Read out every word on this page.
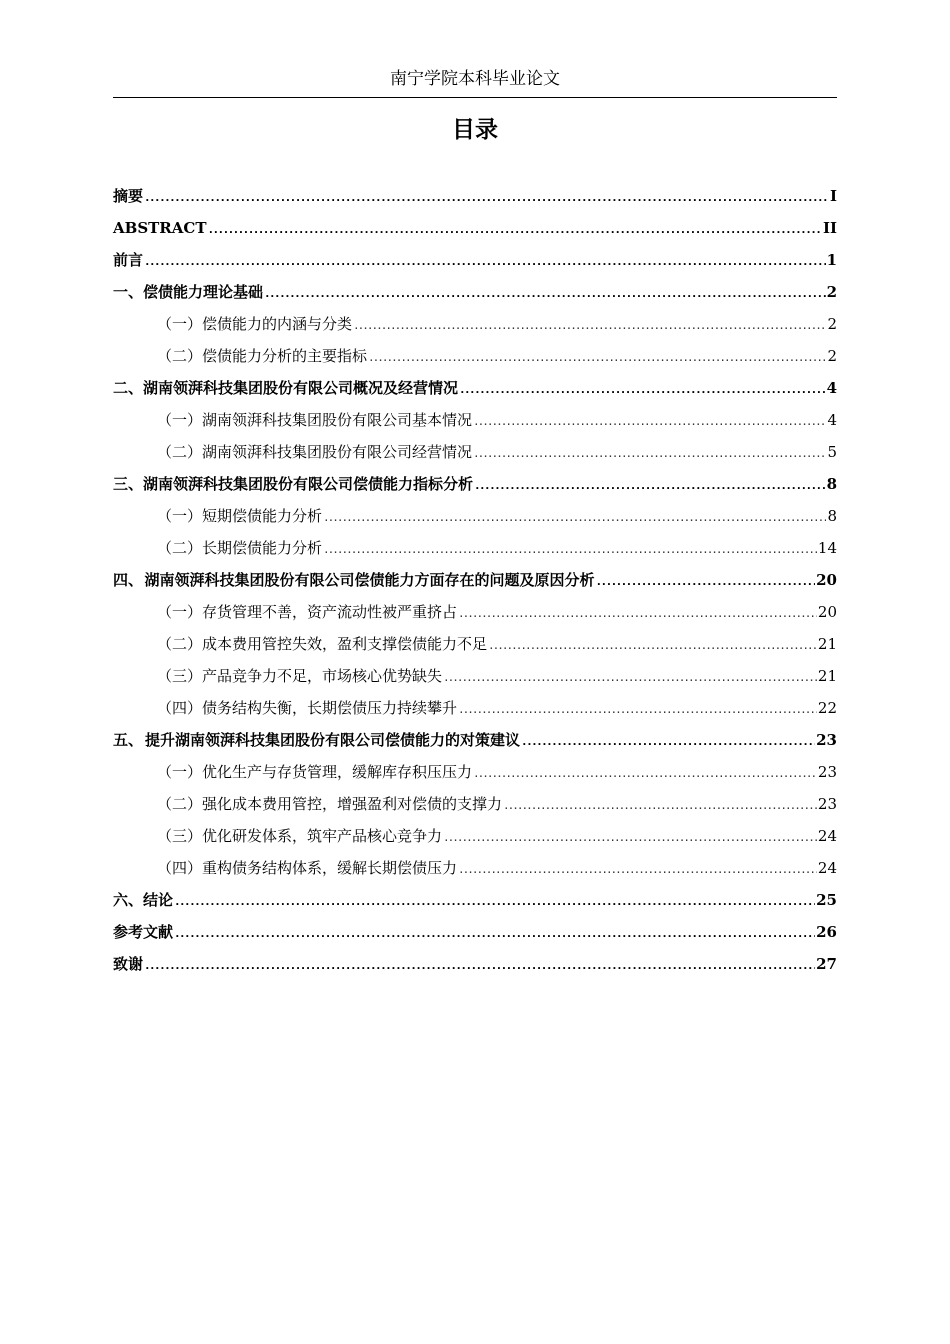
南宁学院本科毕业论文
目录
摘要 .....	I
ABSTRACT .....	II
前言 .....	1
一、偿债能力理论基础 .....	2
（一）偿债能力的内涵与分类 .....	2
（二）偿债能力分析的主要指标 .....	2
二、湖南领湃科技集团股份有限公司概况及经营情况 .....	4
（一）湖南领湃科技集团股份有限公司基本情况 .....	4
（二）湖南领湃科技集团股份有限公司经营情况 .....	5
三、湖南领湃科技集团股份有限公司偿债能力指标分析 .....	8
（一）短期偿债能力分析 .....	8
（二）长期偿债能力分析 .....	14
四、 湖南领湃科技集团股份有限公司偿债能力方面存在的问题及原因分析 .....	20
（一）存货管理不善，资产流动性被严重挤占 .....	20
（二）成本费用管控失效，盈利支撑偿债能力不足 .....	21
（三）产品竞争力不足，市场核心优势缺失 .....	21
（四）债务结构失衡，长期偿债压力持续攀升 .....	22
五、 提升湖南领湃科技集团股份有限公司偿债能力的对策建议 .....	23
（一）优化生产与存货管理，缓解库存积压压力 .....	23
（二）强化成本费用管控，增强盈利对偿债的支撑力 .....	23
（三）优化研发体系，筑牢产品核心竞争力 .....	24
（四）重构债务结构体系，缓解长期偿债压力 .....	24
六、结论 .....	25
参考文献 .....	26
致谢 .....	27
